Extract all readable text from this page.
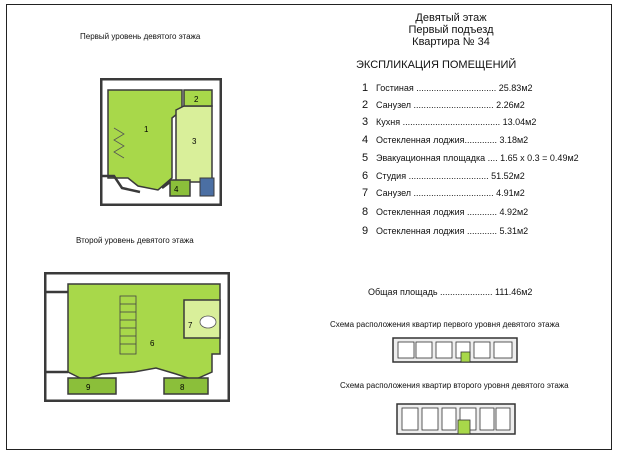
Девятый этаж
Первый подъезд
Квартира № 34
Первый уровень девятого этажа
Второй уровень девятого этажа
ЭКСПЛИКАЦИЯ ПОМЕЩЕНИЙ
1 Гостиная ................................ 25.83м2
2 Санузел ................................ 2.26м2
3 Кухня ....................................... 13.04м2
4 Остекленная лоджия............. 3.18м2
5 Эвакуационная площадка .... 1.65 x 0.3 = 0.49м2
6 Студия ................................ 51.52м2
7 Санузел ................................ 4.91м2
8 Остекленная лоджия ............ 4.92м2
9 Остекленная лоджия ............ 5.31м2
Общая площадь ..................... 111.46м2
Схема расположения квартир первого уровня девятого этажа
Схема расположения квартир второго уровня девятого этажа
1
2
3
4
6
7
8
9
